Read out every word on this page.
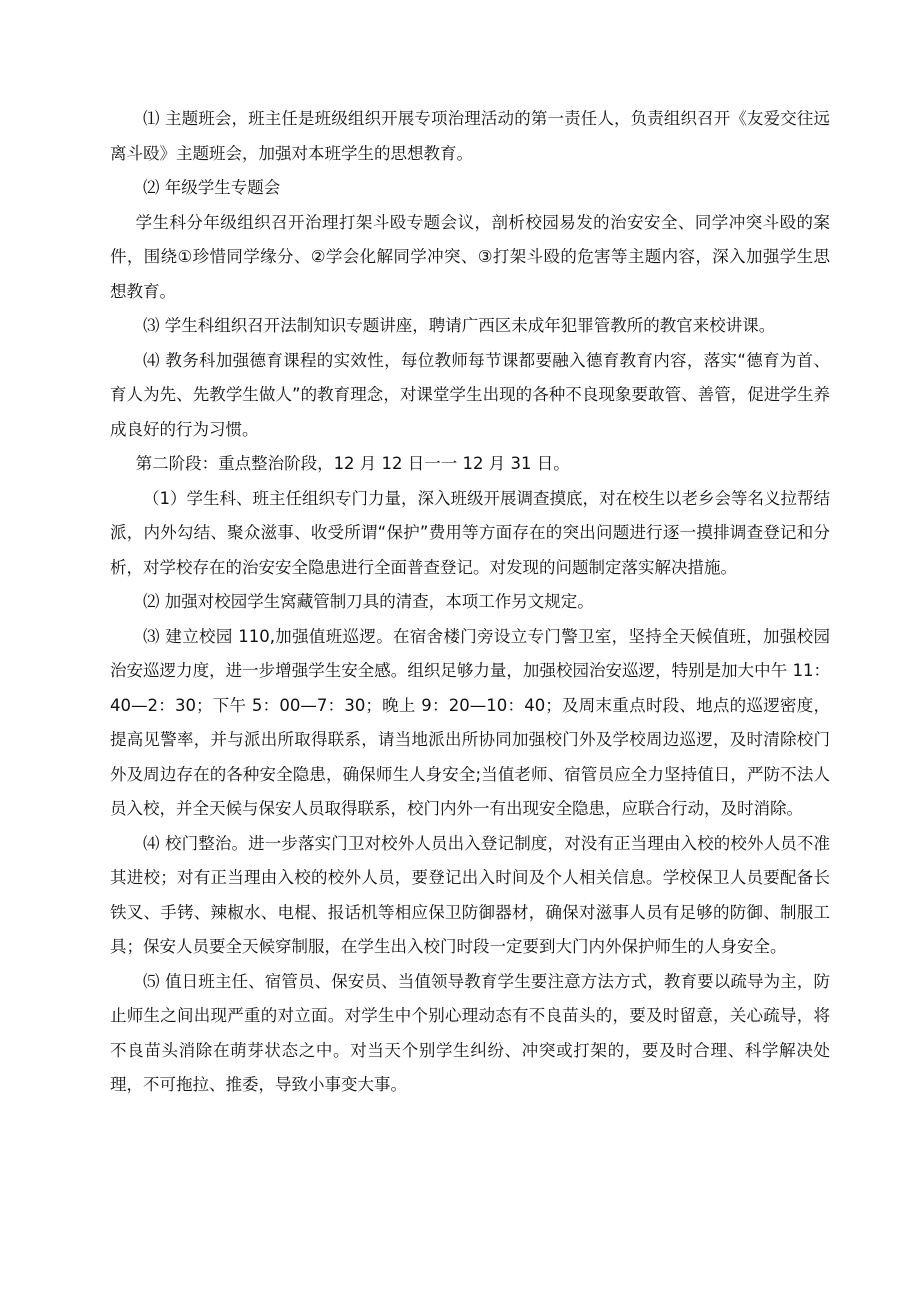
⑴ 主题班会，班主任是班级组织开展专项治理活动的第一责任人，负责组织召开《友爱交往远离斗殴》主题班会，加强对本班学生的思想教育。

⑵ 年级学生专题会

学生科分年级组织召开治理打架斗殴专题会议，剖析校园易发的治安安全、同学冲突斗殴的案件，围绕①珍惜同学缘分、②学会化解同学冲突、③打架斗殴的危害等主题内容，深入加强学生思想教育。

⑶ 学生科组织召开法制知识专题讲座，聘请广西区未成年犯罪管教所的教官来校讲课。

⑷ 教务科加强德育课程的实效性，每位教师每节课都要融入德育教育内容，落实“德育为首、育人为先、先教学生做人”的教育理念，对课堂学生出现的各种不良现象要敢管、善管，促进学生养成良好的行为习惯。

第二阶段：重点整治阶段，12 月 12 日一一 12 月 31 日。

（1）学生科、班主任组织专门力量，深入班级开展调查摸底，对在校生以老乡会等名义拉帮结派，内外勾结、聚众滋事、收受所谓“保护”费用等方面存在的突出问题进行逐一摸排调查登记和分析，对学校存在的治安安全隐患进行全面普查登记。对发现的问题制定落实解决措施。

⑵ 加强对校园学生窝藏管制刀具的清查，本项工作另文规定。

⑶ 建立校园 110,加强值班巡逻。在宿舍楼门旁设立专门警卫室，坚持全天候值班，加强校园治安巡逻力度，进一步增强学生安全感。组织足够力量，加强校园治安巡逻，特别是加大中午 11：40—2：30；下午 5：00—7：30；晚上 9：20—10：40；及周末重点时段、地点的巡逻密度，提高见警率，并与派出所取得联系，请当地派出所协同加强校门外及学校周边巡逻，及时清除校门外及周边存在的各种安全隐患，确保师生人身安全;当值老师、宿管员应全力坚持值日，严防不法人员入校，并全天候与保安人员取得联系，校门内外一有出现安全隐患，应联合行动，及时消除。

⑷ 校门整治。进一步落实门卫对校外人员出入登记制度，对没有正当理由入校的校外人员不准其进校；对有正当理由入校的校外人员，要登记出入时间及个人相关信息。学校保卫人员要配备长铁叉、手铐、辣椒水、电棍、报话机等相应保卫防御器材，确保对滋事人员有足够的防御、制服工具；保安人员要全天候穿制服，在学生出入校门时段一定要到大门内外保护师生的人身安全。

⑸ 值日班主任、宿管员、保安员、当值领导教育学生要注意方法方式，教育要以疏导为主，防止师生之间出现严重的对立面。对学生中个别心理动态有不良苗头的，要及时留意，关心疏导，将不良苗头消除在萌芽状态之中。对当天个别学生纠纷、冲突或打架的，要及时合理、科学解决处理，不可拖拉、推委，导致小事变大事。
